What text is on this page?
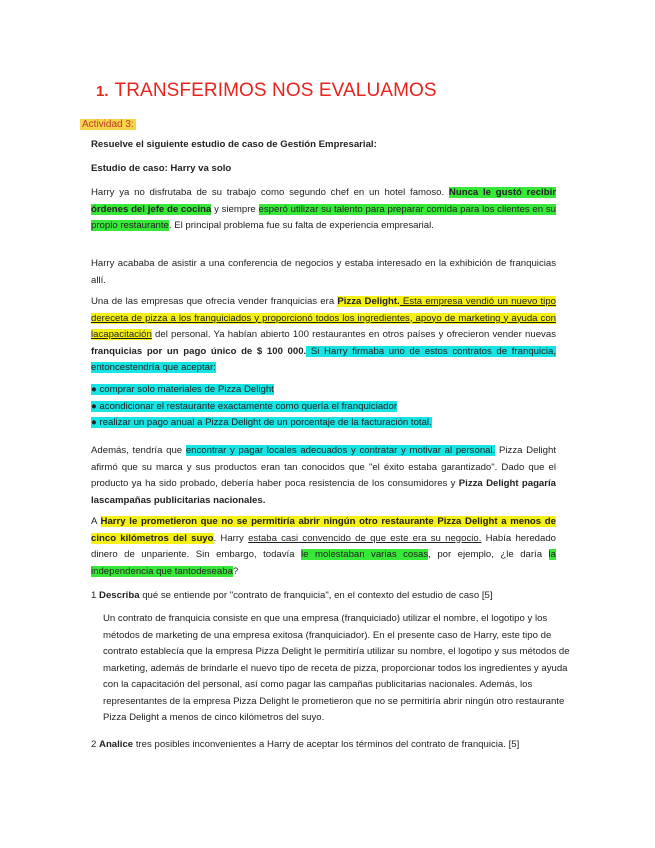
1. TRANSFERIMOS NOS EVALUAMOS
Actividad 3:
Resuelve el siguiente estudio de caso de Gestión Empresarial:
Estudio de caso: Harry va solo
Harry ya no disfrutaba de su trabajo como segundo chef en un hotel famoso. Nunca le gustó recibir órdenes del jefe de cocina y siempre esperó utilizar su talento para preparar comida para los clientes en su propio restaurante. El principal problema fue su falta de experiencia empresarial.
Harry acababa de asistir a una conferencia de negocios y estaba interesado en la exhibición de franquicias allí.
Una de las empresas que ofrecía vender franquicias era Pizza Delight. Esta empresa vendió un nuevo tipo dereceta de pizza a los franquiciados y proporcionó todos los ingredientes, apoyo de marketing y ayuda con lacapacitación del personal. Ya habían abierto 100 restaurantes en otros países y ofrecieron vender nuevas franquicias por un pago único de $ 100 000. Si Harry firmaba uno de estos contratos de franquicia, entoncestendría que aceptar:
● comprar solo materiales de Pizza Delight
● acondicionar el restaurante exactamente como quería el franquiciador
● realizar un pago anual a Pizza Delight de un porcentaje de la facturación total.
Además, tendría que encontrar y pagar locales adecuados y contratar y motivar al personal. Pizza Delight afirmó que su marca y sus productos eran tan conocidos que "el éxito estaba garantizado". Dado que el producto ya ha sido probado, debería haber poca resistencia de los consumidores y Pizza Delight pagaría lascampañas publicitarias nacionales.
A Harry le prometieron que no se permitiría abrir ningún otro restaurante Pizza Delight a menos de cinco kilómetros del suyo. Harry estaba casi convencido de que este era su negocio. Había heredado dinero de unpariente. Sin embargo, todavía le molestaban varias cosas, por ejemplo, ¿le daría la independencia que tantodeseaba?
1 Describa qué se entiende por "contrato de franquicia", en el contexto del estudio de caso [5]
Un contrato de franquicia consiste en que una empresa (franquiciado) utilizar el nombre, el logotipo y los métodos de marketing de una empresa exitosa (franquiciador). En el presente caso de Harry, este tipo de contrato establecía que la empresa Pizza Delight le permitiría utilizar su nombre, el logotipo y sus métodos de marketing, además de brindarle el nuevo tipo de receta de pizza, proporcionar todos los ingredientes y ayuda con la capacitación del personal, así como pagar las campañas publicitarias nacionales. Además, los representantes de la empresa Pizza Delight le prometieron que no se permitiría abrir ningún otro restaurante Pizza Delight a menos de cinco kilómetros del suyo.
2 Analice tres posibles inconvenientes a Harry de aceptar los términos del contrato de franquicia. [5]
